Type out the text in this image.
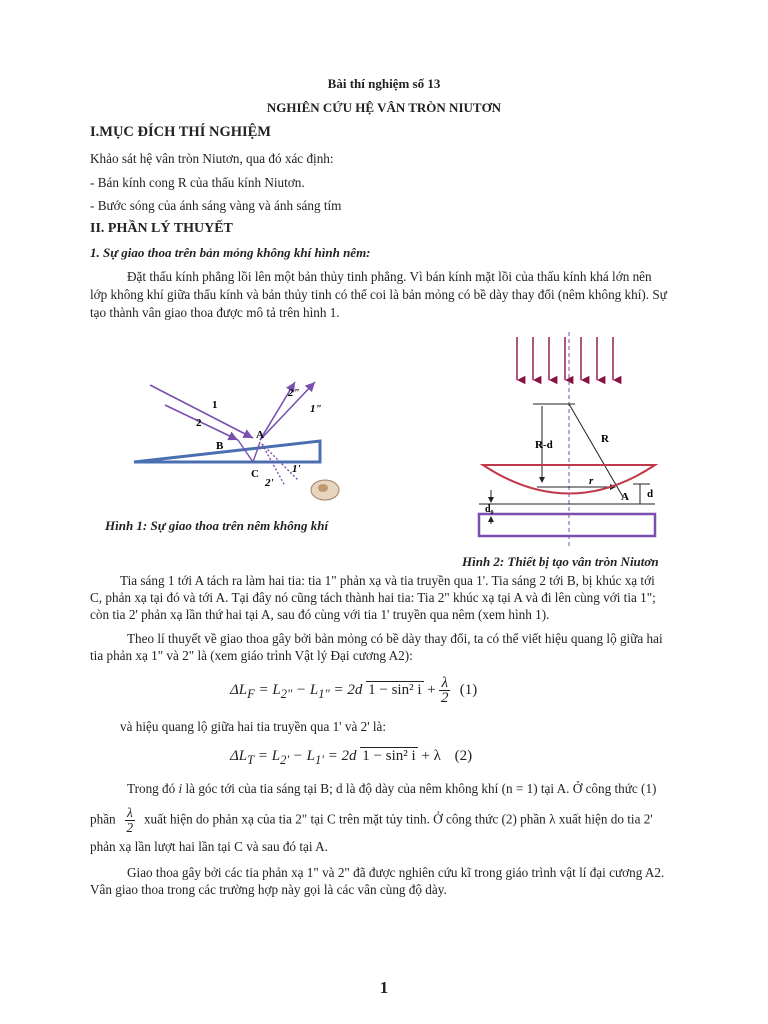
Bài thí nghiệm số 13
NGHIÊN CỨU HỆ VÂN TRÒN NIUTƠN
I.MỤC ĐÍCH THÍ NGHIỆM
Khảo sát hệ vân tròn Niutơn, qua đó xác định:
- Bán kính cong R của thấu kính Niutơn.
- Bước sóng của ánh sáng vàng và ánh sáng tím
II. PHẦN LÝ THUYẾT
1. Sự giao thoa trên bản mỏng không khí hình nêm:
Đặt thấu kính phẳng lồi lên một bản thủy tinh phẳng. Vì bán kính mặt lồi của thấu kính khá lớn nên
lớp không khí giữa thấu kính và bản thủy tinh có thể coi là bản mỏng có bề dày thay đổi (nêm không khí). Sự
tạo thành vân giao thoa được mô tả trên hình 1.
1
2
B
A
C
2"
1"
1'
2'
Hình 1: Sự giao thoa trên nêm không khí
R-d	R
r
A d
d₀
Hình 2: Thiết bị tạo vân tròn Niutơn
Tia sáng 1 tới A tách ra làm hai tia: tia 1" phản xạ và tia truyền qua 1'. Tia sáng 2 tới B, bị khúc xạ tới
C, phản xạ tại đó và tới A. Tại đây nó cũng tách thành hai tia: Tia 2" khúc xạ tại A và đi lên cùng với tia 1";
còn tia 2' phản xạ lần thứ hai tại A, sau đó cùng với tia 1' truyền qua nêm (xem hình 1).
Theo lí thuyết về giao thoa gây bởi bản mỏng có bề dày thay đổi, ta có thể viết hiệu quang lộ giữa hai
tia phản xạ 1" và 2" là (xem giáo trình Vật lý Đại cương A2):
$\Delta L_F = L_{2"} - L_{1"} = 2d$ 1 − sin² $i + \frac{\lambda}{2} (1)$
và hiệu quang lộ giữa hai tia truyền qua 1' và 2' là:
$\Delta L_T = L_{2'} - L_{1'} = 2d$ 1 − sin² i + λ (2)
Trong đó i là góc tới của tia sáng tại B; d là độ dày của nêm không khí (n = 1) tại A. Ở công thức (1)
phần $\frac{\lambda}{2}$ xuất hiện do phản xạ của tia 2" tại C trên mặt tủy tinh. Ở công thức (2) phần λ xuất hiện do tia 2'
phản xạ lần lượt hai lần tại C và sau đó tại A.
Giao thoa gây bởi các tia phản xạ 1" và 2" đã được nghiên cứu kĩ trong giáo trình vật lí đại cương A2.
Vân giao thoa trong các trường hợp này gọi là các vân cùng độ dày.
1
